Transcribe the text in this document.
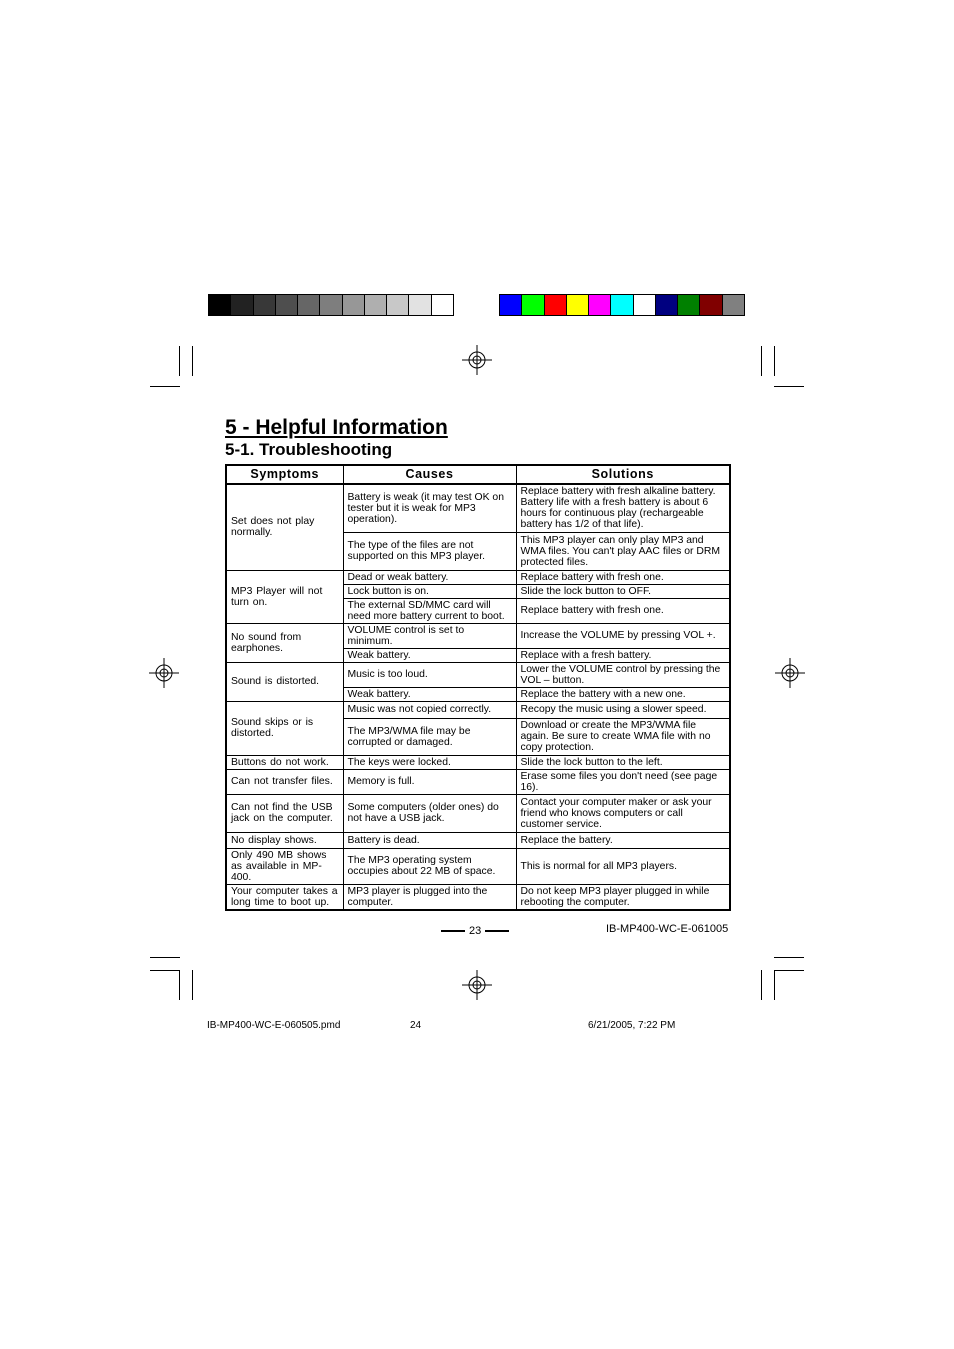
5 - Helpful Information
5-1. Troubleshooting
Symptoms	Causes	Solutions
Set does not play normally.	Battery is weak (it may test OK on tester but it is weak for MP3 operation).	Replace battery with fresh alkaline battery. Battery life with a fresh battery is about 6 hours for continuous play (rechargeable battery has 1/2 of that life).
	The type of the files are not supported on this MP3 player.	This MP3 player can only play MP3 and WMA files. You can't play AAC files or DRM protected files.
MP3 Player will not turn on.	Dead or weak battery.	Replace battery with fresh one.
	Lock button is on.	Slide the lock button to OFF.
	The external SD/MMC card will need more battery current to boot.	Replace battery with fresh one.
No sound from earphones.	VOLUME control is set to minimum.	Increase the VOLUME by pressing VOL +.
	Weak battery.	Replace with a fresh battery.
Sound is distorted.	Music is too loud.	Lower the VOLUME control by pressing the VOL – button.
	Weak battery.	Replace the battery with a new one.
Sound skips or is distorted.	Music was not copied correctly.	Recopy the music using a slower speed.
	The MP3/WMA file may be corrupted or damaged.	Download or create the MP3/WMA file again. Be sure to create WMA file with no copy protection.
Buttons do not work.	The keys were locked.	Slide the lock button to the left.
Can not transfer files.	Memory is full.	Erase some files you don't need (see page 16).
Can not find the USB jack on the computer.	Some computers (older ones) do not have a USB jack.	Contact your computer maker or ask your friend who knows computers or call customer service.
No display shows.	Battery is dead.	Replace the battery.
Only 490 MB shows as available in MP-400.	The MP3 operating system occupies about 22 MB of space.	This is normal for all MP3 players.
Your computer takes a long time to boot up.	MP3 player is plugged into the computer.	Do not keep MP3 player plugged in while rebooting the computer.
23	IB-MP400-WC-E-061005
IB-MP400-WC-E-060505.pmd	24	6/21/2005, 7:22 PM
